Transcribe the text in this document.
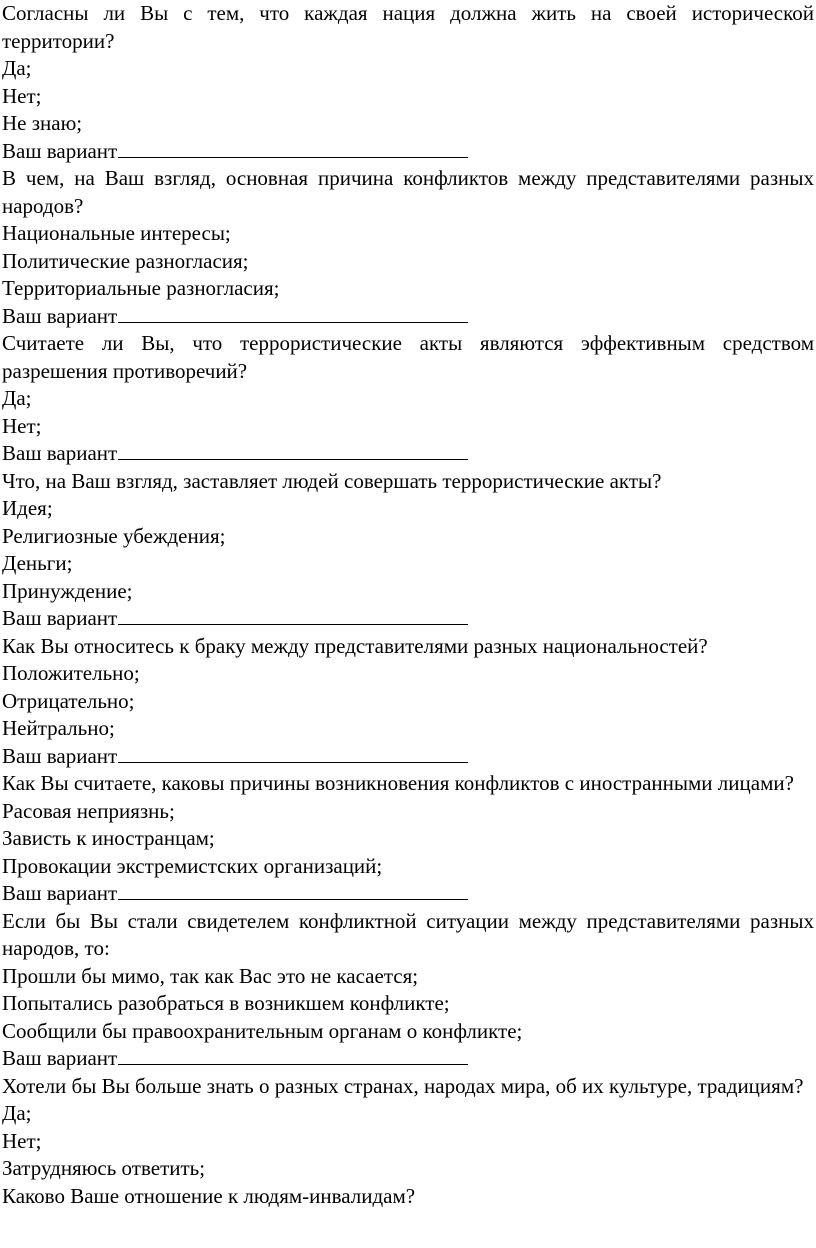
Согласны ли Вы с тем, что каждая нация должна жить на своей исторической территории?

Да;

Нет;

Не знаю;

Ваш вариант

В чем, на Ваш взгляд, основная причина конфликтов между представителями разных народов?

Национальные интересы;

Политические разногласия;

Территориальные разногласия;

Ваш вариант

Считаете ли Вы, что террористические акты являются эффективным средством разрешения противоречий?

Да;

Нет;

Ваш вариант

Что, на Ваш взгляд, заставляет людей совершать террористические акты?

Идея;

Религиозные убеждения;

Деньги;

Принуждение;

Ваш вариант

Как Вы относитесь к браку между представителями разных национальностей?

Положительно;

Отрицательно;

Нейтрально;

Ваш вариант

Как Вы считаете, каковы причины возникновения конфликтов с иностранными лицами?

Расовая неприязнь;

Зависть к иностранцам;

Провокации экстремистских организаций;

Ваш вариант

Если бы Вы стали свидетелем конфликтной ситуации между представителями разных народов, то:

Прошли бы мимо, так как Вас это не касается;

Попытались разобраться в возникшем конфликте;

Сообщили бы правоохранительным органам о конфликте;

Ваш вариант

Хотели бы Вы больше знать о разных странах, народах мира, об их культуре, традициям?

Да;

Нет;

Затрудняюсь ответить;

Каково Ваше отношение к людям-инвалидам?
